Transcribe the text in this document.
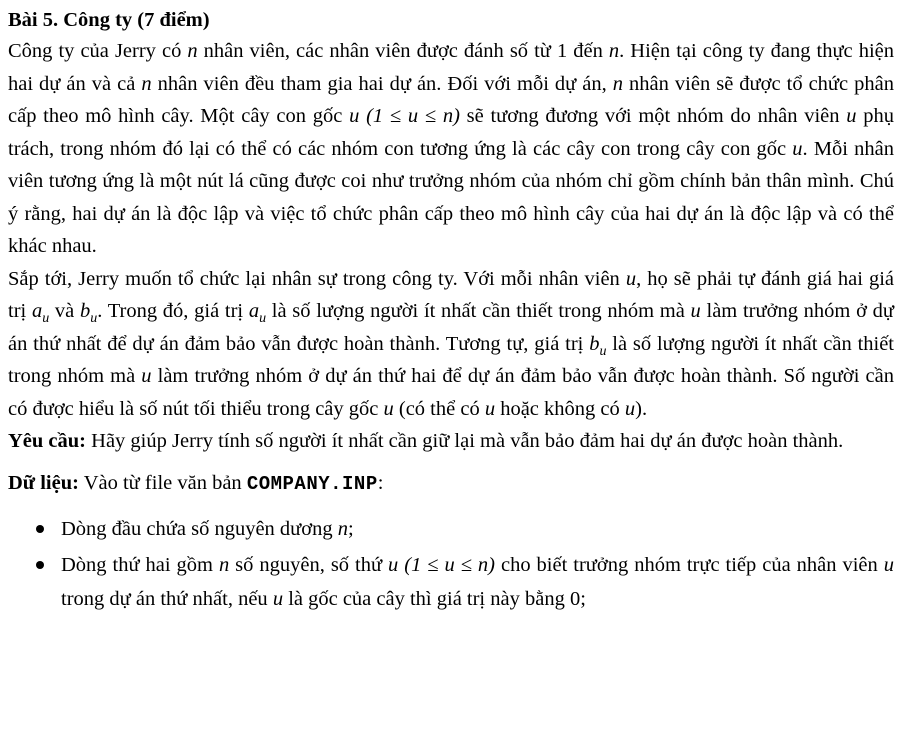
Bài 5. Công ty (7 điểm)

Công ty của Jerry có n nhân viên, các nhân viên được đánh số từ 1 đến n. Hiện tại công ty đang thực hiện hai dự án và cả n nhân viên đều tham gia hai dự án. Đối với mỗi dự án, n nhân viên sẽ được tổ chức phân cấp theo mô hình cây. Một cây con gốc u (1 ≤ u ≤ n) sẽ tương đương với một nhóm do nhân viên u phụ trách, trong nhóm đó lại có thể có các nhóm con tương ứng là các cây con trong cây con gốc u. Mỗi nhân viên tương ứng là một nút lá cũng được coi như trưởng nhóm của nhóm chỉ gồm chính bản thân mình. Chú ý rằng, hai dự án là độc lập và việc tổ chức phân cấp theo mô hình cây của hai dự án là độc lập và có thể khác nhau.

Sắp tới, Jerry muốn tổ chức lại nhân sự trong công ty. Với mỗi nhân viên u, họ sẽ phải tự đánh giá hai giá trị $a_u$ và $b_u$. Trong đó, giá trị $a_u$ là số lượng người ít nhất cần thiết trong nhóm mà u làm trưởng nhóm ở dự án thứ nhất để dự án đảm bảo vẫn được hoàn thành. Tương tự, giá trị $b_u$ là số lượng người ít nhất cần thiết trong nhóm mà u làm trưởng nhóm ở dự án thứ hai để dự án đảm bảo vẫn được hoàn thành. Số người cần có được hiểu là số nút tối thiểu trong cây gốc u (có thể có u hoặc không có u).

Yêu cầu: Hãy giúp Jerry tính số người ít nhất cần giữ lại mà vẫn bảo đảm hai dự án được hoàn thành.

Dữ liệu: Vào từ file văn bản COMPANY.INP:

Dòng đầu chứa số nguyên dương n;
Dòng thứ hai gồm n số nguyên, số thứ u (1 ≤ u ≤ n) cho biết trưởng nhóm trực tiếp của nhân viên u trong dự án thứ nhất, nếu u là gốc của cây thì giá trị này bằng 0;
